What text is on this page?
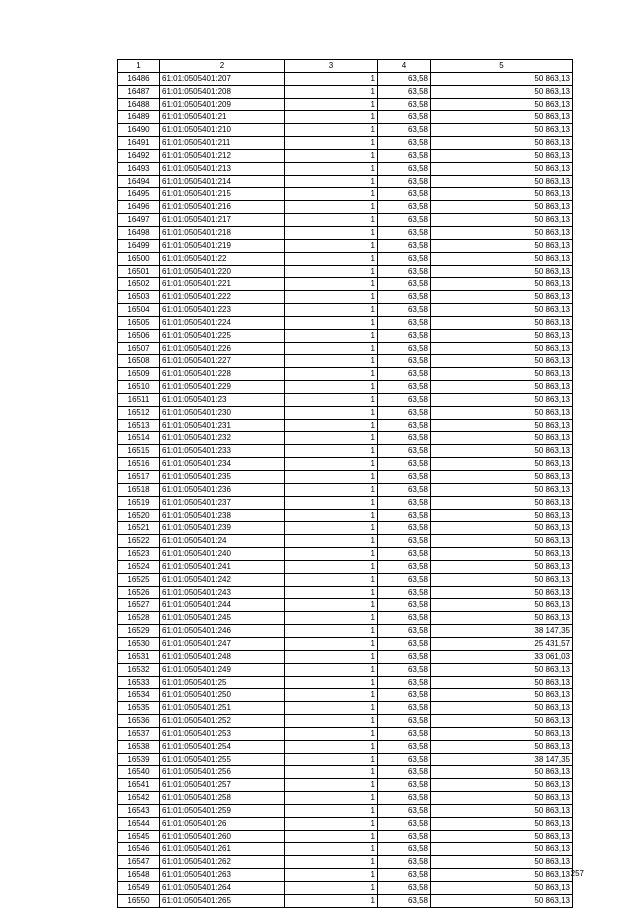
1	2	3	4	5
16486	61:01:0505401:207	1	63,58	50 863,13
16487	61:01:0505401:208	1	63,58	50 863,13
16488	61:01:0505401:209	1	63,58	50 863,13
16489	61:01:0505401:21	1	63,58	50 863,13
16490	61:01:0505401:210	1	63,58	50 863,13
16491	61:01:0505401:211	1	63,58	50 863,13
16492	61:01:0505401:212	1	63,58	50 863,13
16493	61:01:0505401:213	1	63,58	50 863,13
16494	61:01:0505401:214	1	63,58	50 863,13
16495	61:01:0505401:215	1	63,58	50 863,13
16496	61:01:0505401:216	1	63,58	50 863,13
16497	61:01:0505401:217	1	63,58	50 863,13
16498	61:01:0505401:218	1	63,58	50 863,13
16499	61:01:0505401:219	1	63,58	50 863,13
16500	61:01:0505401:22	1	63,58	50 863,13
16501	61:01:0505401:220	1	63,58	50 863,13
16502	61:01:0505401:221	1	63,58	50 863,13
16503	61:01:0505401:222	1	63,58	50 863,13
16504	61:01:0505401:223	1	63,58	50 863,13
16505	61:01:0505401:224	1	63,58	50 863,13
16506	61:01:0505401:225	1	63,58	50 863,13
16507	61:01:0505401:226	1	63,58	50 863,13
16508	61:01:0505401:227	1	63,58	50 863,13
16509	61:01:0505401:228	1	63,58	50 863,13
16510	61:01:0505401:229	1	63,58	50 863,13
16511	61:01:0505401:23	1	63,58	50 863,13
16512	61:01:0505401:230	1	63,58	50 863,13
16513	61:01:0505401:231	1	63,58	50 863,13
16514	61:01:0505401:232	1	63,58	50 863,13
16515	61:01:0505401:233	1	63,58	50 863,13
16516	61:01:0505401:234	1	63,58	50 863,13
16517	61:01:0505401:235	1	63,58	50 863,13
16518	61:01:0505401:236	1	63,58	50 863,13
16519	61:01:0505401:237	1	63,58	50 863,13
16520	61:01:0505401:238	1	63,58	50 863,13
16521	61:01:0505401:239	1	63,58	50 863,13
16522	61:01:0505401:24	1	63,58	50 863,13
16523	61:01:0505401:240	1	63,58	50 863,13
16524	61:01:0505401:241	1	63,58	50 863,13
16525	61:01:0505401:242	1	63,58	50 863,13
16526	61:01:0505401:243	1	63,58	50 863,13
16527	61:01:0505401:244	1	63,58	50 863,13
16528	61:01:0505401:245	1	63,58	50 863,13
16529	61:01:0505401:246	1	63,58	38 147,35
16530	61:01:0505401:247	1	63,58	25 431,57
16531	61:01:0505401:248	1	63,58	33 061,03
16532	61:01:0505401:249	1	63,58	50 863,13
16533	61:01:0505401:25	1	63,58	50 863,13
16534	61:01:0505401:250	1	63,58	50 863,13
16535	61:01:0505401:251	1	63,58	50 863,13
16536	61:01:0505401:252	1	63,58	50 863,13
16537	61:01:0505401:253	1	63,58	50 863,13
16538	61:01:0505401:254	1	63,58	50 863,13
16539	61:01:0505401:255	1	63,58	38 147,35
16540	61:01:0505401:256	1	63,58	50 863,13
16541	61:01:0505401:257	1	63,58	50 863,13
16542	61:01:0505401:258	1	63,58	50 863,13
16543	61:01:0505401:259	1	63,58	50 863,13
16544	61:01:0505401:26	1	63,58	50 863,13
16545	61:01:0505401:260	1	63,58	50 863,13
16546	61:01:0505401:261	1	63,58	50 863,13
16547	61:01:0505401:262	1	63,58	50 863,13
16548	61:01:0505401:263	1	63,58	50 863,13
16549	61:01:0505401:264	1	63,58	50 863,13
16550	61:01:0505401:265	1	63,58	50 863,13
257
